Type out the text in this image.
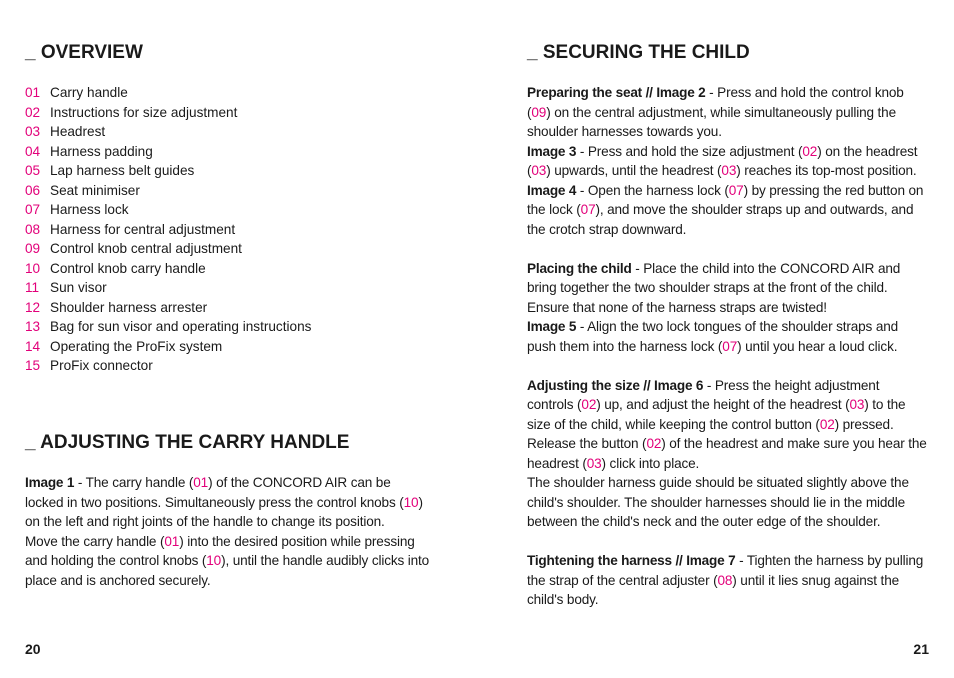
_ OVERVIEW
01 Carry handle
02 Instructions for size adjustment
03 Headrest
04 Harness padding
05 Lap harness belt guides
06 Seat minimiser
07 Harness lock
08 Harness for central adjustment
09 Control knob central adjustment
10 Control knob carry handle
11 Sun visor
12 Shoulder harness arrester
13 Bag for sun visor and operating instructions
14 Operating the ProFix system
15 ProFix connector
_ ADJUSTING THE CARRY HANDLE

Image 1 - The carry handle (01) of the CONCORD AIR can be locked in two positions. Simultaneously press the control knobs (10) on the left and right joints of the handle to change its position.

Move the carry handle (01) into the desired position while pressing and holding the control knobs (10), until the handle audibly clicks into place and is anchored securely.

20
_ SECURING THE CHILD

Preparing the seat // Image 2 - Press and hold the control knob (09) on the central adjustment, while simultaneously pulling the shoulder harnesses towards you.

Image 3 - Press and hold the size adjustment (02) on the headrest (03) upwards, until the headrest (03) reaches its top-most position.

Image 4 - Open the harness lock (07) by pressing the red button on the lock (07), and move the shoulder straps up and outwards, and the crotch strap downward.

Placing the child - Place the child into the CONCORD AIR and bring together the two shoulder straps at the front of the child.

Ensure that none of the harness straps are twisted!

Image 5 - Align the two lock tongues of the shoulder straps and push them into the harness lock (07) until you hear a loud click.

Adjusting the size // Image 6 - Press the height adjustment controls (02) up, and adjust the height of the headrest (03) to the size of the child, while keeping the control button (02) pressed. Release the button (02) of the headrest and make sure you hear the headrest (03) click into place.

The shoulder harness guide should be situated slightly above the child's shoulder. The shoulder harnesses should lie in the middle between the child's neck and the outer edge of the shoulder.

Tightening the harness // Image 7 - Tighten the harness by pulling the strap of the central adjuster (08) until it lies snug against the child's body.

21
